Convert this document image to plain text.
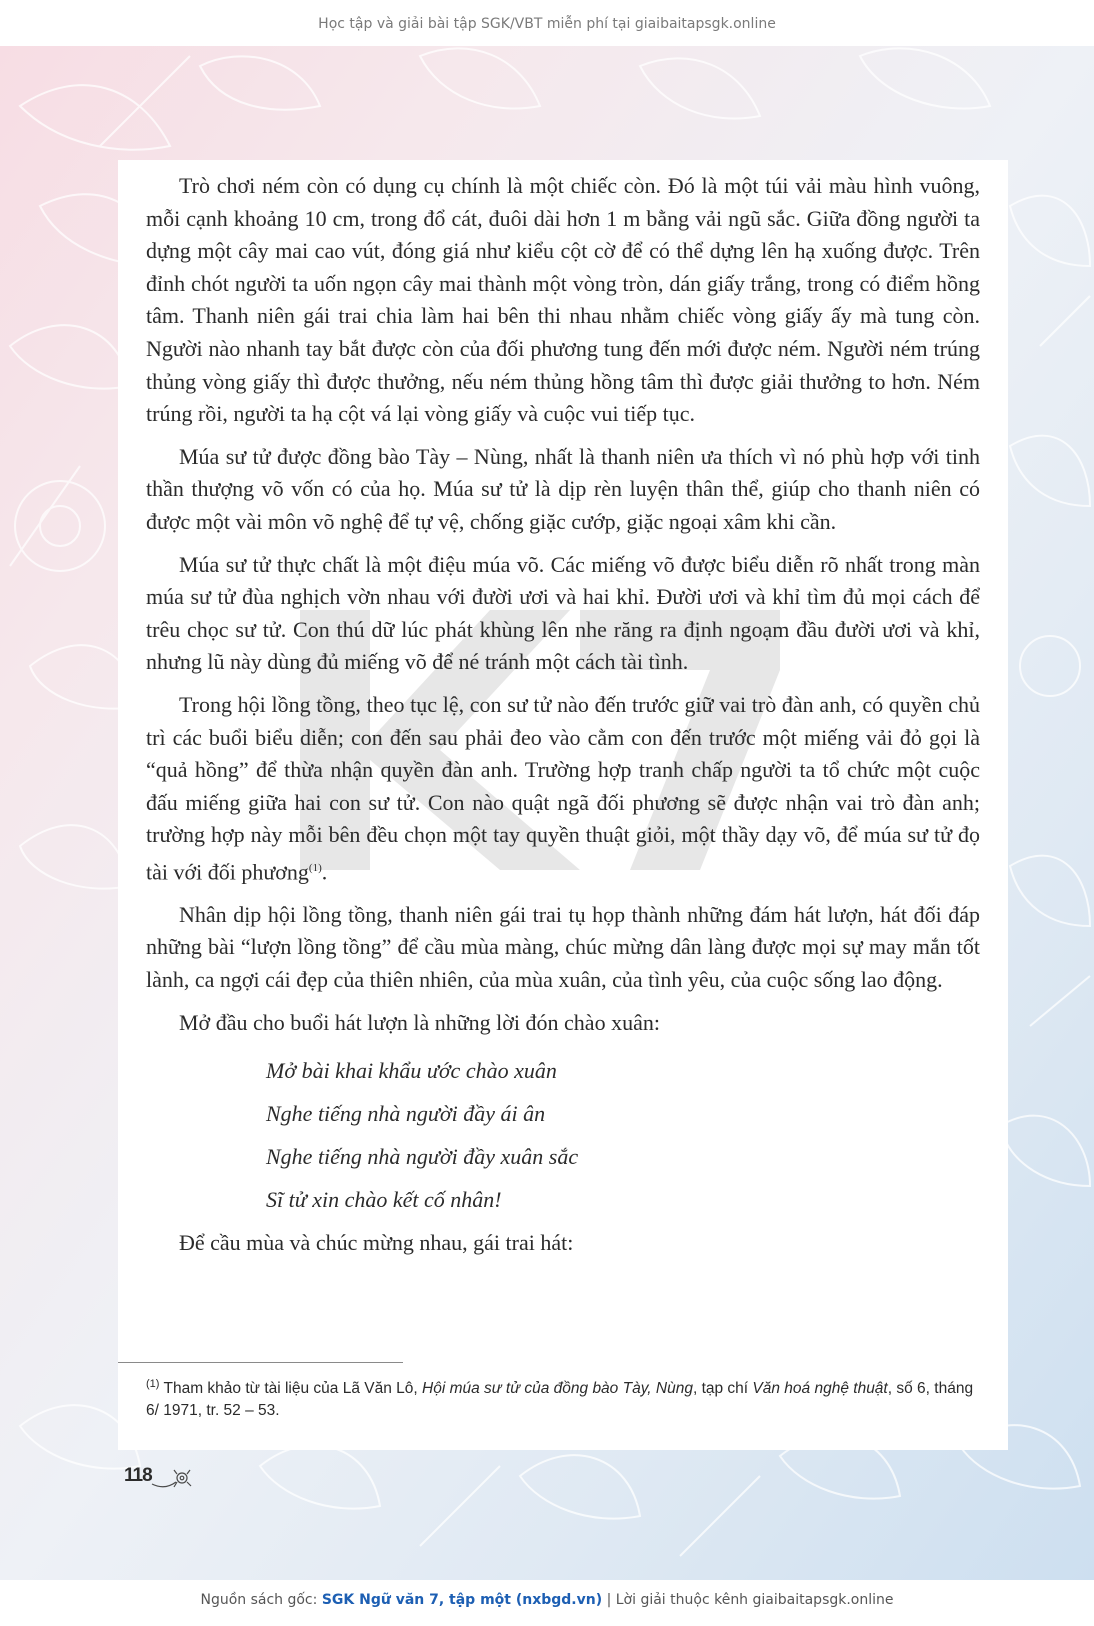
Học tập và giải bài tập SGK/VBT miễn phí tại giaibaitapsgk.online

Trò chơi ném còn có dụng cụ chính là một chiếc còn. Đó là một túi vải màu hình vuông, mỗi cạnh khoảng 10 cm, trong đổ cát, đuôi dài hơn 1 m bằng vải ngũ sắc. Giữa đồng người ta dựng một cây mai cao vút, đóng giá như kiểu cột cờ để có thể dựng lên hạ xuống được. Trên đỉnh chót người ta uốn ngọn cây mai thành một vòng tròn, dán giấy trắng, trong có điểm hồng tâm. Thanh niên gái trai chia làm hai bên thi nhau nhằm chiếc vòng giấy ấy mà tung còn. Người nào nhanh tay bắt được còn của đối phương tung đến mới được ném. Người ném trúng thủng vòng giấy thì được thưởng, nếu ném thủng hồng tâm thì được giải thưởng to hơn. Ném trúng rồi, người ta hạ cột vá lại vòng giấy và cuộc vui tiếp tục.

Múa sư tử được đồng bào Tày – Nùng, nhất là thanh niên ưa thích vì nó phù hợp với tinh thần thượng võ vốn có của họ. Múa sư tử là dịp rèn luyện thân thể, giúp cho thanh niên có được một vài môn võ nghệ để tự vệ, chống giặc cướp, giặc ngoại xâm khi cần.

Múa sư tử thực chất là một điệu múa võ. Các miếng võ được biểu diễn rõ nhất trong màn múa sư tử đùa nghịch vờn nhau với đười ươi và hai khỉ. Đười ươi và khỉ tìm đủ mọi cách để trêu chọc sư tử. Con thú dữ lúc phát khùng lên nhe răng ra định ngoạm đầu đười ươi và khỉ, nhưng lũ này dùng đủ miếng võ để né tránh một cách tài tình.

Trong hội lồng tồng, theo tục lệ, con sư tử nào đến trước giữ vai trò đàn anh, có quyền chủ trì các buổi biểu diễn; con đến sau phải đeo vào cằm con đến trước một miếng vải đỏ gọi là “quả hồng” để thừa nhận quyền đàn anh. Trường hợp tranh chấp người ta tổ chức một cuộc đấu miếng giữa hai con sư tử. Con nào quật ngã đối phương sẽ được nhận vai trò đàn anh; trường hợp này mỗi bên đều chọn một tay quyền thuật giỏi, một thầy dạy võ, để múa sư tử đọ tài với đối phương$^{(1)}$.

Nhân dịp hội lồng tồng, thanh niên gái trai tụ họp thành những đám hát lượn, hát đối đáp những bài “lượn lồng tồng” để cầu mùa màng, chúc mừng dân làng được mọi sự may mắn tốt lành, ca ngợi cái đẹp của thiên nhiên, của mùa xuân, của tình yêu, của cuộc sống lao động.

Mở đầu cho buổi hát lượn là những lời đón chào xuân:

Mở bài khai khẩu ước chào xuân
Nghe tiếng nhà người đầy ái ân
Nghe tiếng nhà người đầy xuân sắc
Sĩ tử xin chào kết cố nhân!

Để cầu mùa và chúc mừng nhau, gái trai hát:

$^{(1)}$ Tham khảo từ tài liệu của Lã Văn Lô, Hội múa sư tử của đồng bào Tày, Nùng, tạp chí Văn hoá nghệ thuật, số 6, tháng 6/ 1971, tr. 52 – 53.
118
Nguồn sách gốc: SGK Ngữ văn 7, tập một (nxbgd.vn) | Lời giải thuộc kênh giaibaitapsgk.online
